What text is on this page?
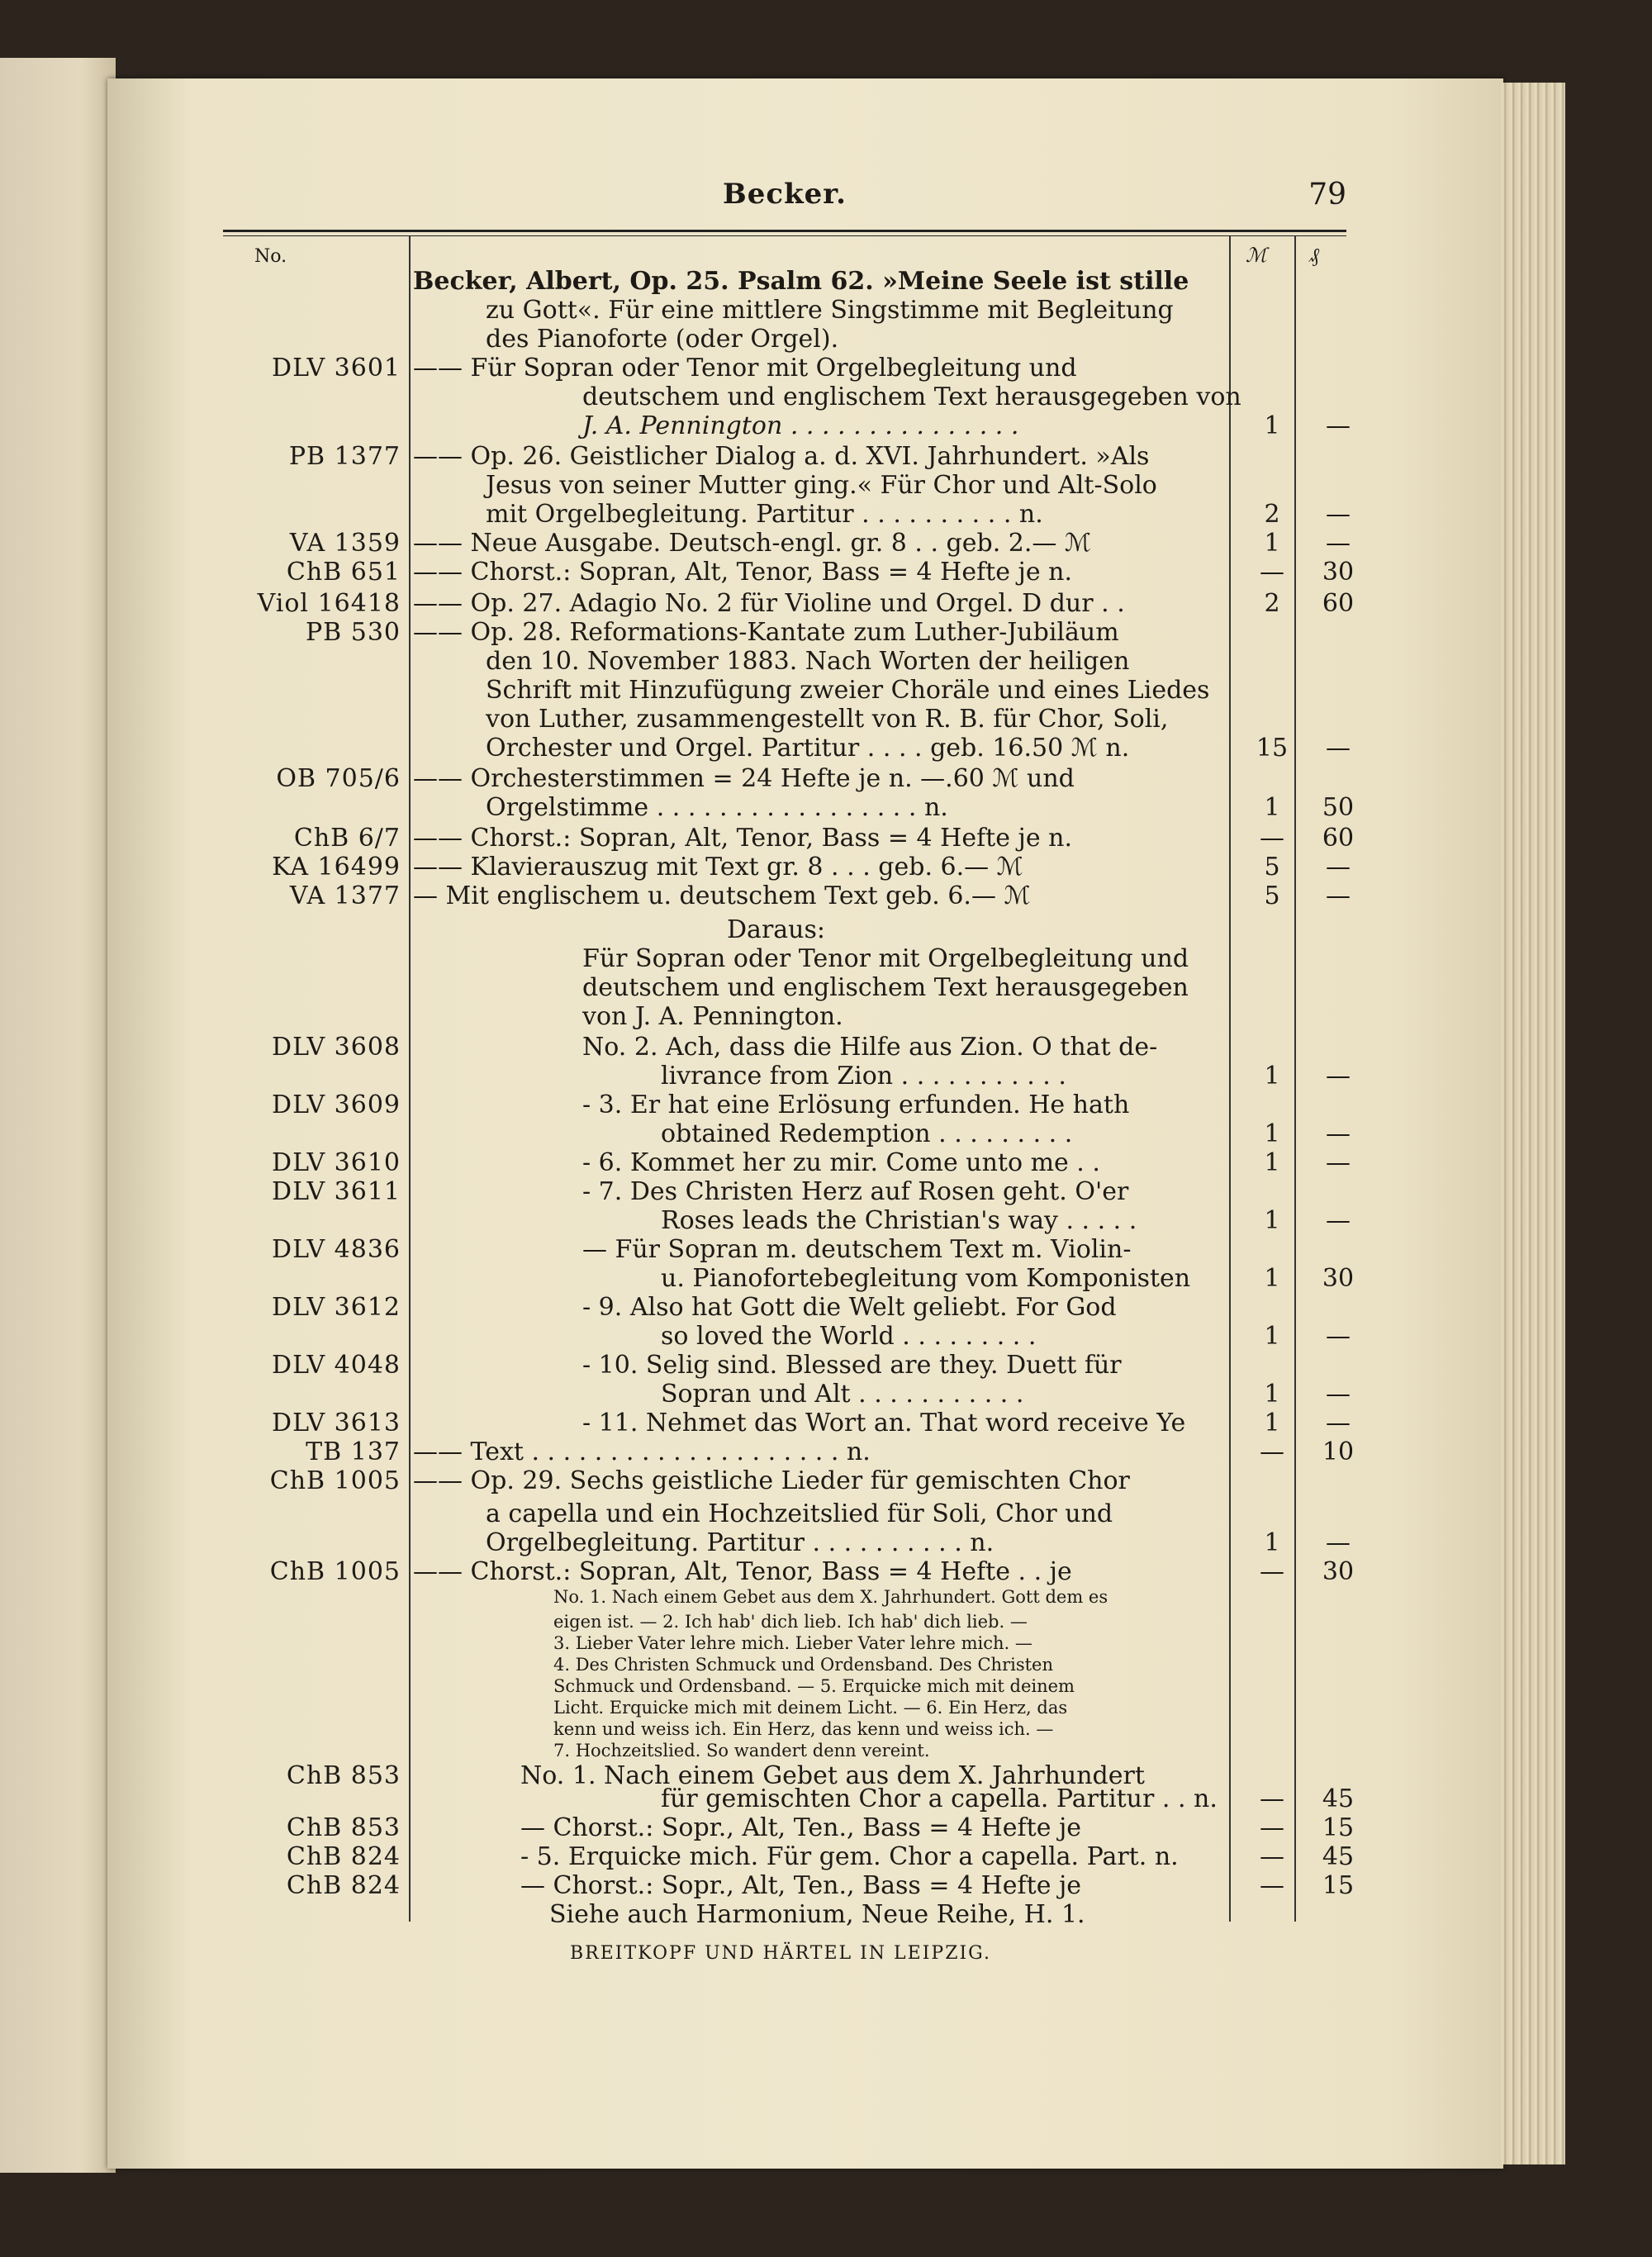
Becker.	79
No.	ℳ ₰
Becker, Albert, Op. 25. Psalm 62. »Meine Seele ist stille
zu Gott«. Für eine mittlere Singstimme mit Begleitung
des Pianoforte (oder Orgel).
DLV 3601 —— Für Sopran oder Tenor mit Orgelbegleitung und
deutschem und englischem Text herausgegeben von
J. A. Pennington . . . . . . . . . . . . . . .	1	—
PB 1377 —— Op. 26. Geistlicher Dialog a. d. XVI. Jahrhundert. »Als
Jesus von seiner Mutter ging.« Für Chor und Alt-Solo
mit Orgelbegleitung. Partitur . . . . . . . . . . n.	2	—
VA 1359 —— Neue Ausgabe. Deutsch-engl. gr. 8 . . geb. 2.— ℳ	1	—
ChB 651 —— Chorst.: Sopran, Alt, Tenor, Bass = 4 Hefte je n.	—	30
Viol 16418 —— Op. 27. Adagio No. 2 für Violine und Orgel. D dur . .	2	60
PB 530 —— Op. 28. Reformations-Kantate zum Luther-Jubiläum
den 10. November 1883. Nach Worten der heiligen
Schrift mit Hinzufügung zweier Choräle und eines Liedes
von Luther, zusammengestellt von R. B. für Chor, Soli,
Orchester und Orgel. Partitur . . . . geb. 16.50 ℳ n.	15	—
OB 705/6 —— Orchesterstimmen = 24 Hefte je n. —.60 ℳ und
Orgelstimme . . . . . . . . . . . . . . . . . n.	1	50
ChB 6/7 —— Chorst.: Sopran, Alt, Tenor, Bass = 4 Hefte je n.	—	60
KA 16499 —— Klavierauszug mit Text gr. 8 . . . geb. 6.— ℳ	5	—
VA 1377 — Mit englischem u. deutschem Text geb. 6.— ℳ	5	—
Daraus:
Für Sopran oder Tenor mit Orgelbegleitung und
deutschem und englischem Text herausgegeben
von J. A. Pennington.
DLV 3608	No. 2. Ach, dass die Hilfe aus Zion. O that de-
livrance from Zion . . . . . . . . . . .	1	—
DLV 3609	- 3. Er hat eine Erlösung erfunden. He hath
obtained Redemption . . . . . . . . .	1	—
DLV 3610	- 6. Kommet her zu mir. Come unto me . .	1	—
DLV 3611	- 7. Des Christen Herz auf Rosen geht. O'er
Roses leads the Christian's way . . . . .	1	—
DLV 4836	— Für Sopran m. deutschem Text m. Violin-
u. Pianofortebegleitung vom Komponisten	1	30
DLV 3612	- 9. Also hat Gott die Welt geliebt. For God
so loved the World . . . . . . . . .	1	—
DLV 4048	- 10. Selig sind. Blessed are they. Duett für
Sopran und Alt . . . . . . . . . . .	1	—
DLV 3613	- 11. Nehmet das Wort an. That word receive Ye	1	—
TB 137 —— Text . . . . . . . . . . . . . . . . . . . . n.	—	10
ChB 1005 —— Op. 29. Sechs geistliche Lieder für gemischten Chor
a capella und ein Hochzeitslied für Soli, Chor und
Orgelbegleitung. Partitur . . . . . . . . . . n.	1	—
ChB 1005 —— Chorst.: Sopran, Alt, Tenor, Bass = 4 Hefte . . je	—	30
No. 1. Nach einem Gebet aus dem X. Jahrhundert. Gott dem es
eigen ist. — 2. Ich hab' dich lieb. Ich hab' dich lieb. —
3. Lieber Vater lehre mich. Lieber Vater lehre mich. —
4. Des Christen Schmuck und Ordensband. Des Christen
Schmuck und Ordensband. — 5. Erquicke mich mit deinem
Licht. Erquicke mich mit deinem Licht. — 6. Ein Herz, das
kenn und weiss ich. Ein Herz, das kenn und weiss ich. —
7. Hochzeitslied. So wandert denn vereint.
ChB 853	No. 1. Nach einem Gebet aus dem X. Jahrhundert
für gemischten Chor a capella. Partitur . . n.	—	45
ChB 853	— Chorst.: Sopr., Alt, Ten., Bass = 4 Hefte je	—	15
ChB 824	- 5. Erquicke mich. Für gem. Chor a capella. Part. n.	—	45
ChB 824	— Chorst.: Sopr., Alt, Ten., Bass = 4 Hefte je	—	15
Siehe auch Harmonium, Neue Reihe, H. 1.
BREITKOPF UND HÄRTEL IN LEIPZIG.
